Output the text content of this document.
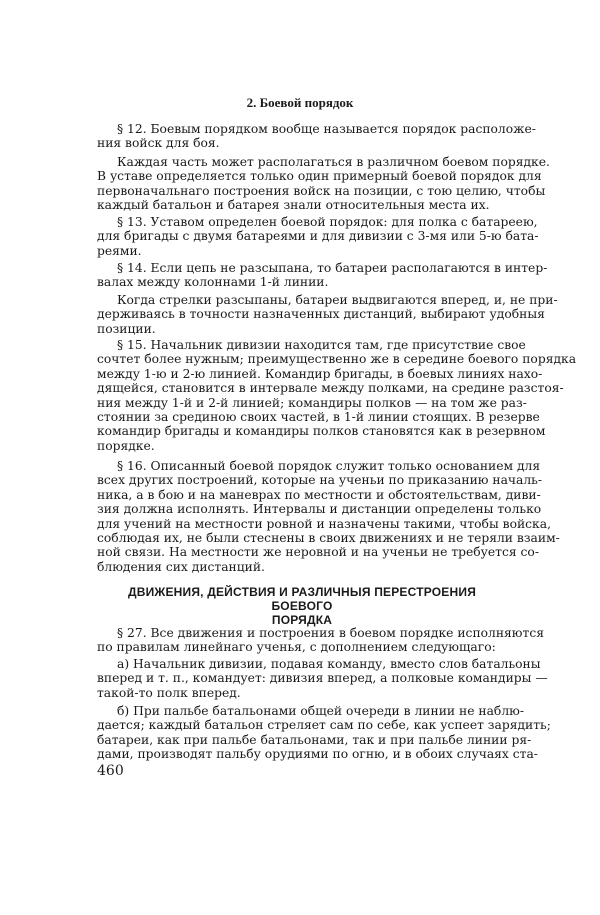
2. Боевой порядок
ДВИЖЕНИЯ, ДЕЙСТВИЯ И РАЗЛИЧНЫЯ ПЕРЕСТРОЕНИЯ БОЕВОГО
ПОРЯДКА
460
§ 12. Боевым порядком вообще называется порядок расположе-
ния войск для боя.
Каждая часть может располагаться в различном боевом порядке.
В уставе определяется только один примерный боевой порядок для
первоначальнаго построения войск на позиции, с тою целию, чтобы
каждый батальон и батарея знали относительныя места их.
§ 13. Уставом определен боевой порядок: для полка с батареею,
для бригады с двумя батареями и для дивизии с 3-мя или 5-ю бата-
реями.
§ 14. Если цепь не разсыпана, то батареи располагаются в интер-
валах между колоннами 1-й линии.
Когда стрелки разсыпаны, батареи выдвигаются вперед, и, не при-
держиваясь в точности назначенных дистанций, выбирают удобныя
позиции.
§ 15. Начальник дивизии находится там, где присутствие свое
сочтет более нужным; преимущественно же в середине боевого порядка
между 1-ю и 2-ю линией. Командир бригады, в боевых линиях нахо-
дящейся, становится в интервале между полками, на средине разстоя-
ния между 1-й и 2-й линией; командиры полков — на том же раз-
стоянии за срединою своих частей, в 1-й линии стоящих. В резерве
командир бригады и командиры полков становятся как в резервном
порядке.
§ 16. Описанный боевой порядок служит только основанием для
всех других построений, которые на ученьи по приказанию началь-
ника, а в бою и на маневрах по местности и обстоятельствам, диви-
зия должна исполнять. Интервалы и дистанции определены только
для учений на местности ровной и назначены такими, чтобы войска,
соблюдая их, не были стеснены в своих движениях и не теряли взаим-
ной связи. На местности же неровной и на ученьи не требуется со-
блюдения сих дистанций.
§ 27. Все движения и построения в боевом порядке исполняются
по правилам линейнаго ученья, с дополнением следующаго:
а) Начальник дивизии, подавая команду, вместо слов батальоны
вперед и т. п., командует: дивизия вперед, а полковые командиры —
такой-то полк вперед.
б) При пальбе батальонами общей очереди в линии не наблю-
дается; каждый батальон стреляет сам по себе, как успеет зарядить;
батареи, как при пальбе батальонами, так и при пальбе линии ря-
дами, производят пальбу орудиями по огню, и в обоих случаях ста-
